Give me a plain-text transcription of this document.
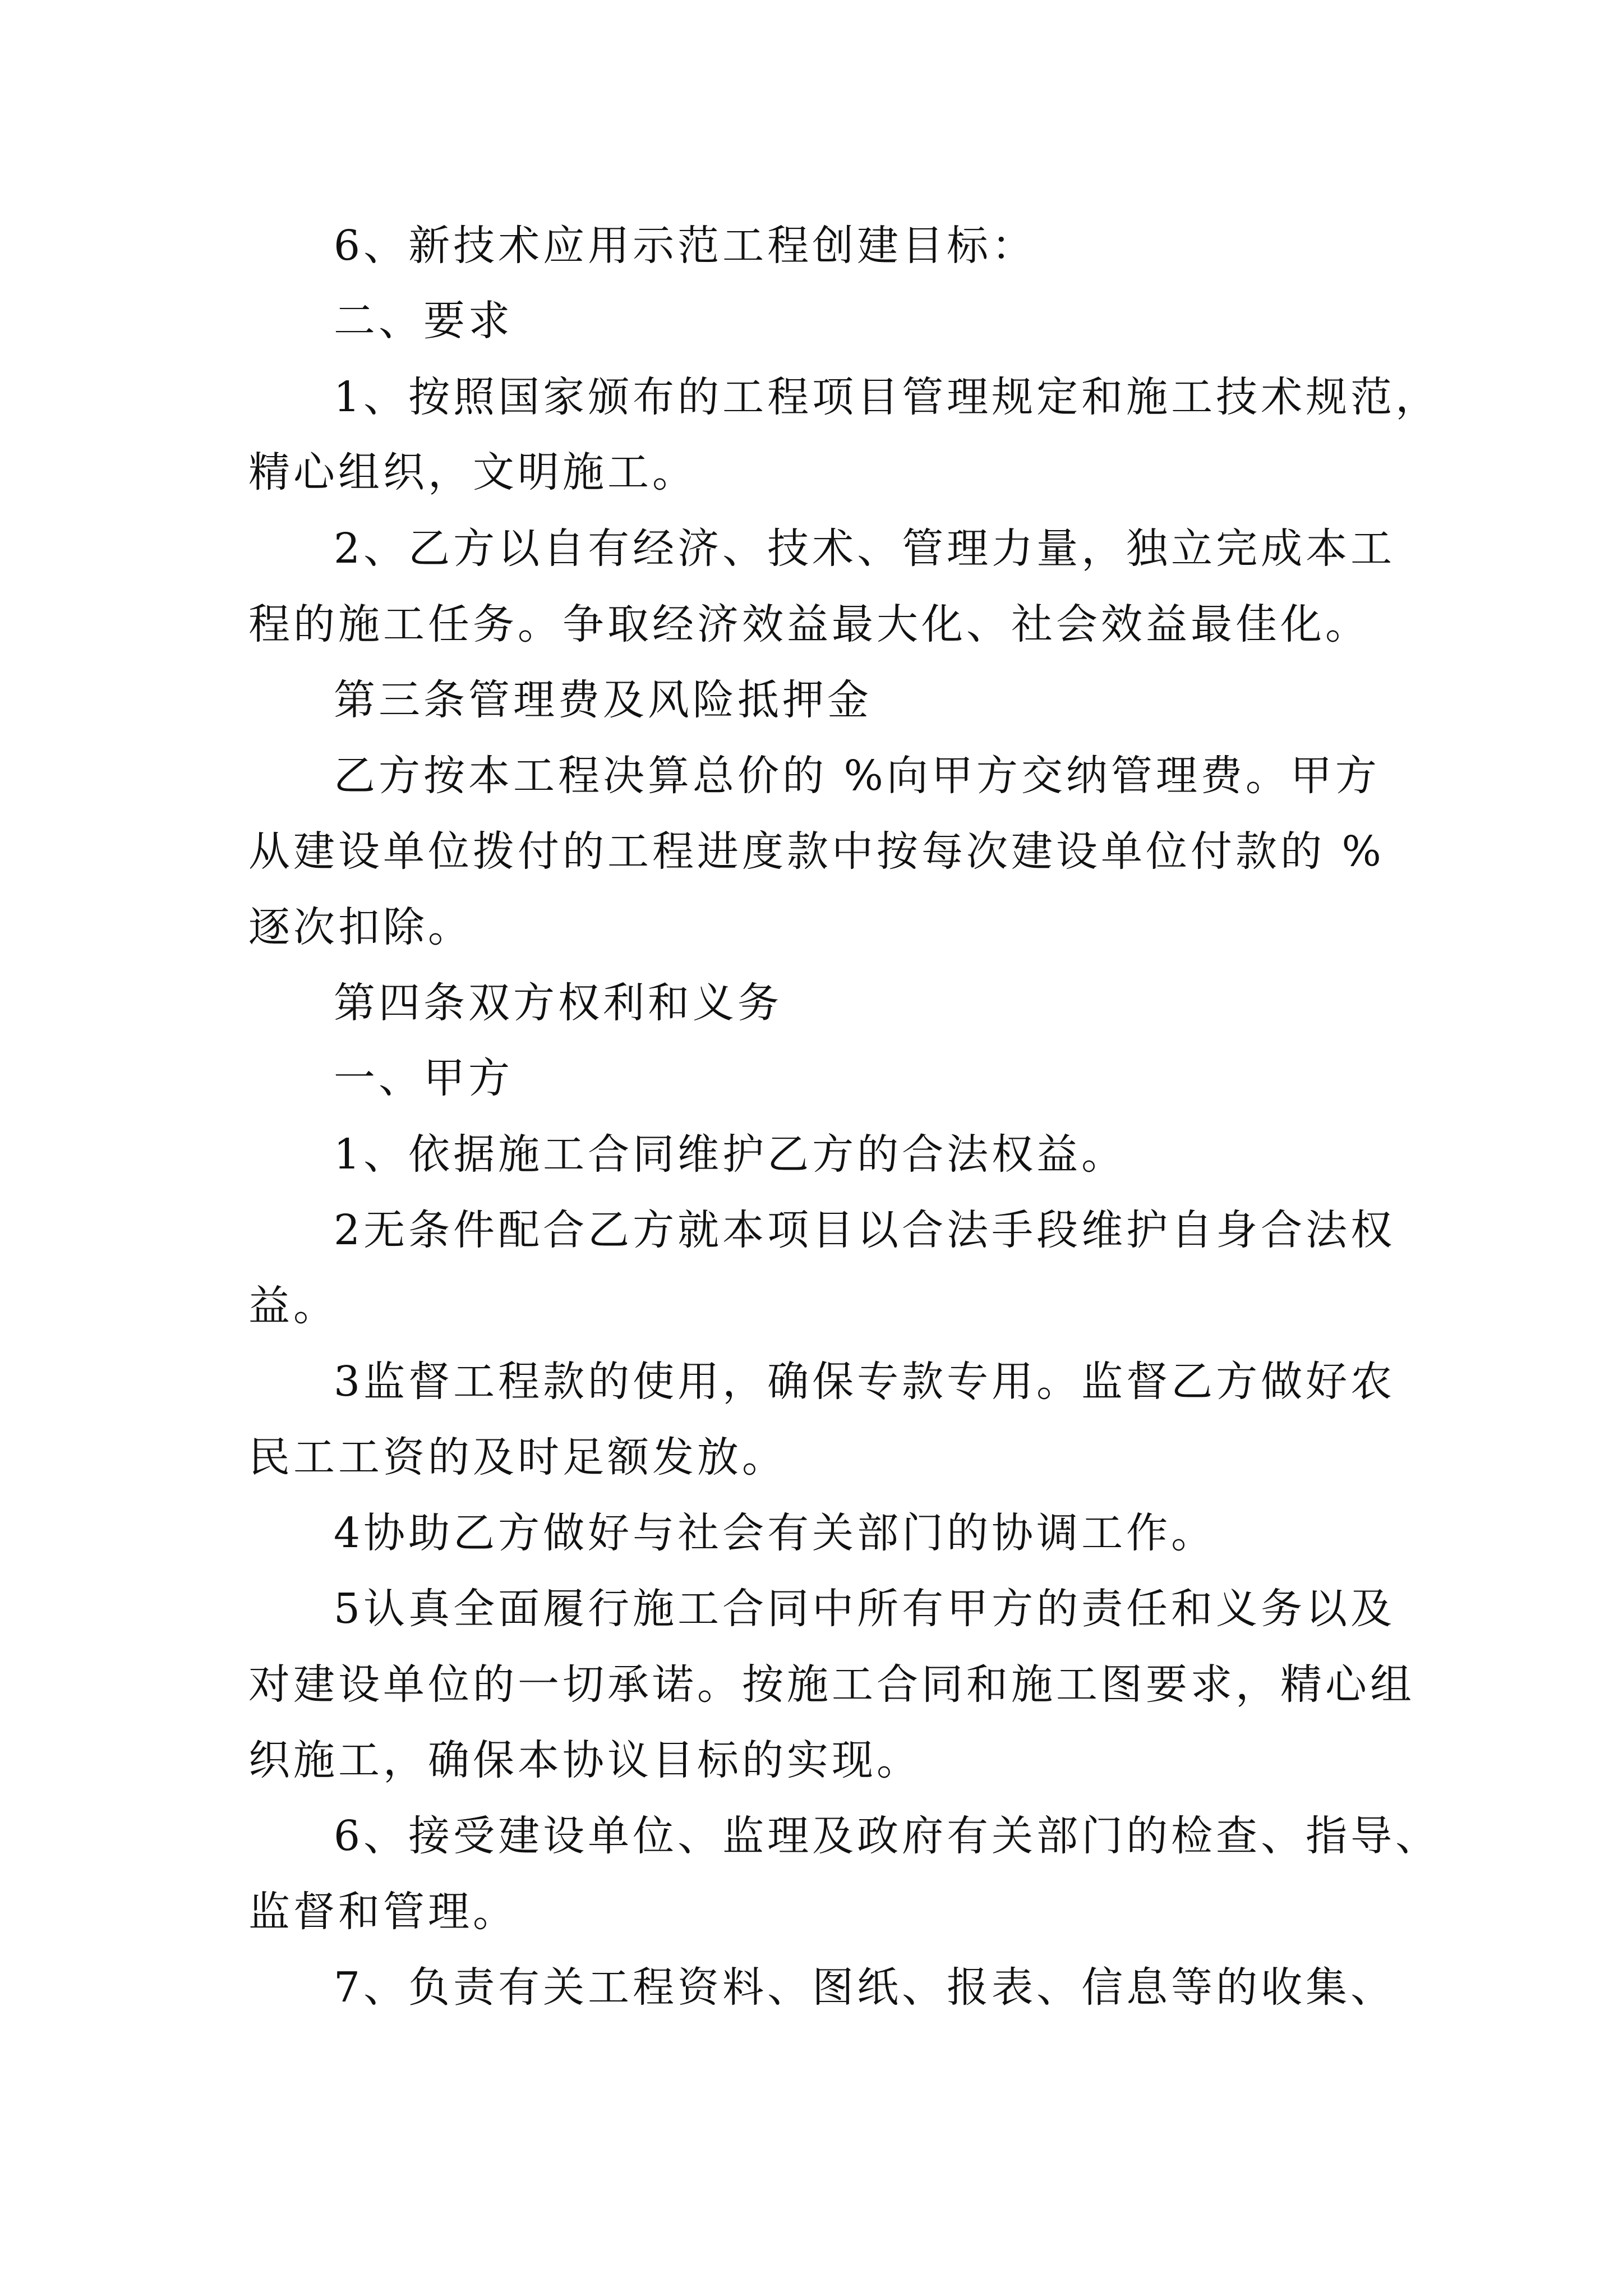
6、新技术应用示范工程创建目标：
二、要求
1、按照国家颁布的工程项目管理规定和施工技术规范，
精心组织，文明施工。
2、乙方以自有经济、技术、管理力量，独立完成本工
程的施工任务。争取经济效益最大化、社会效益最佳化。
第三条管理费及风险抵押金
乙方按本工程决算总价的 %向甲方交纳管理费。甲方
从建设单位拨付的工程进度款中按每次建设单位付款的 %
逐次扣除。
第四条双方权利和义务
一、甲方
1、依据施工合同维护乙方的合法权益。
2无条件配合乙方就本项目以合法手段维护自身合法权
益。
3监督工程款的使用，确保专款专用。监督乙方做好农
民工工资的及时足额发放。
4协助乙方做好与社会有关部门的协调工作。
5认真全面履行施工合同中所有甲方的责任和义务以及
对建设单位的一切承诺。按施工合同和施工图要求，精心组
织施工，确保本协议目标的实现。
6、接受建设单位、监理及政府有关部门的检查、指导、
监督和管理。
7、负责有关工程资料、图纸、报表、信息等的收集、
